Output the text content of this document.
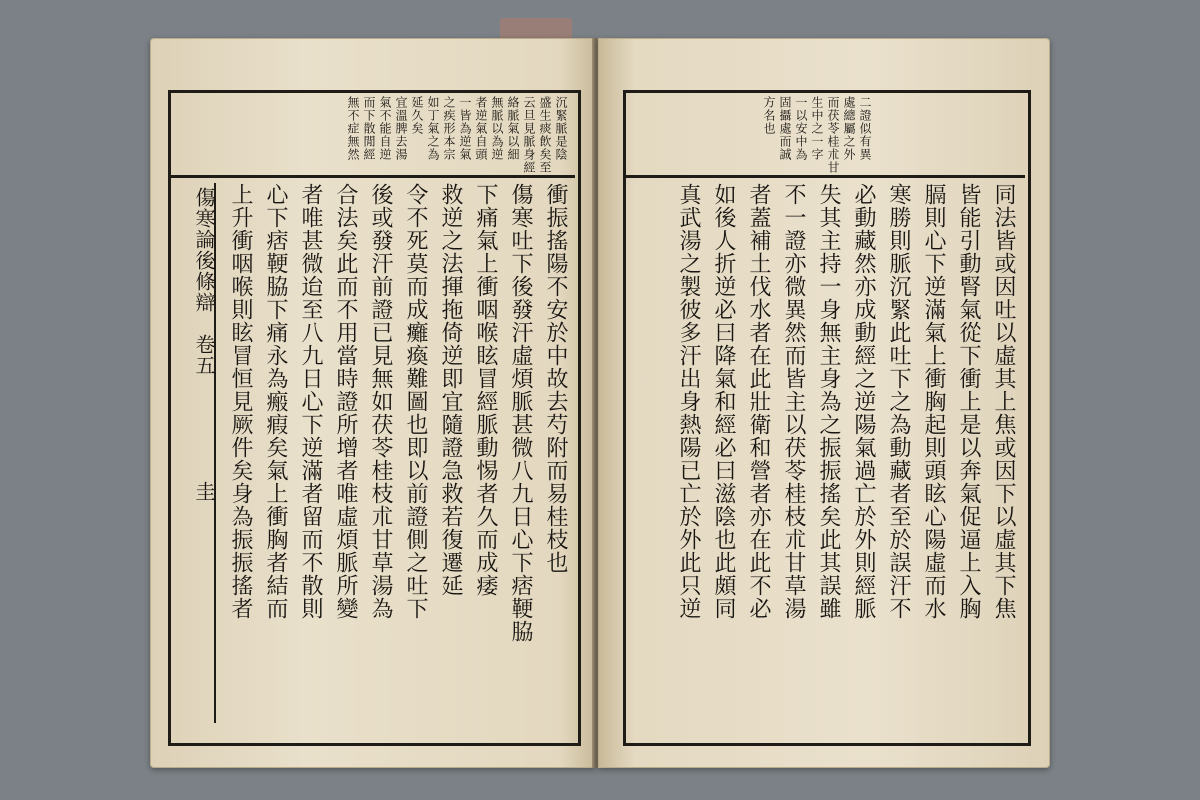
沉緊脈是陰
盛生痰飲矣至
云旦見脈身經
絡脈氣以細
無脈以為逆
者逆氣自頭
一皆為逆氣
之疾形本宗
如丁氣之為
延久矣
宜溫脾去湯
氣不能自逆
而下散閒經
無不症無然
傷寒論後條辯　卷五　　　　　圭	衝振搖陽不安於中故去芍附而易桂枝也
傷寒吐下後發汗虛煩脈甚微八九日心下痞鞕脇
下痛氣上衝咽喉眩冒經脈動惕者久而成痿
救逆之法揮拖倚逆即宜隨證急救若復遷延
令不死莫而成癱瘓難圖也即以前證側之吐下
後或發汗前證已見無如茯苓桂枝朮甘草湯為
合法矣此而不用當時證所增者唯虛煩脈所變
者唯甚微迨至八九日心下逆滿者留而不散則
心下痞鞕脇下痛永為瘢瘕矣氣上衝胸者結而
上升衝咽喉則眩冒恒見厥件矣身為振振搖者
二證似有異
處總屬之外
而茯苓桂朮甘
生中之一字
一以安中為
固攝處而誠
方名也
同法皆或因吐以虛其上焦或因下以虛其下焦
皆能引動腎氣從下衝上是以奔氣促逼上入胸
膈則心下逆滿氣上衝胸起則頭眩心陽虛而水
寒勝則脈沉緊此吐下之為動藏者至於誤汗不
必動藏然亦成動經之逆陽氣過亡於外則經脈
失其主持一身無主身為之振振搖矣此其誤雖
不一證亦微異然而皆主以茯苓桂枝朮甘草湯
者蓋補土伐水者在此壯衛和營者亦在此不必
如後人折逆必曰降氣和經必曰滋陰也此頗同
真武湯之製彼多汗出身熱陽已亡於外此只逆
